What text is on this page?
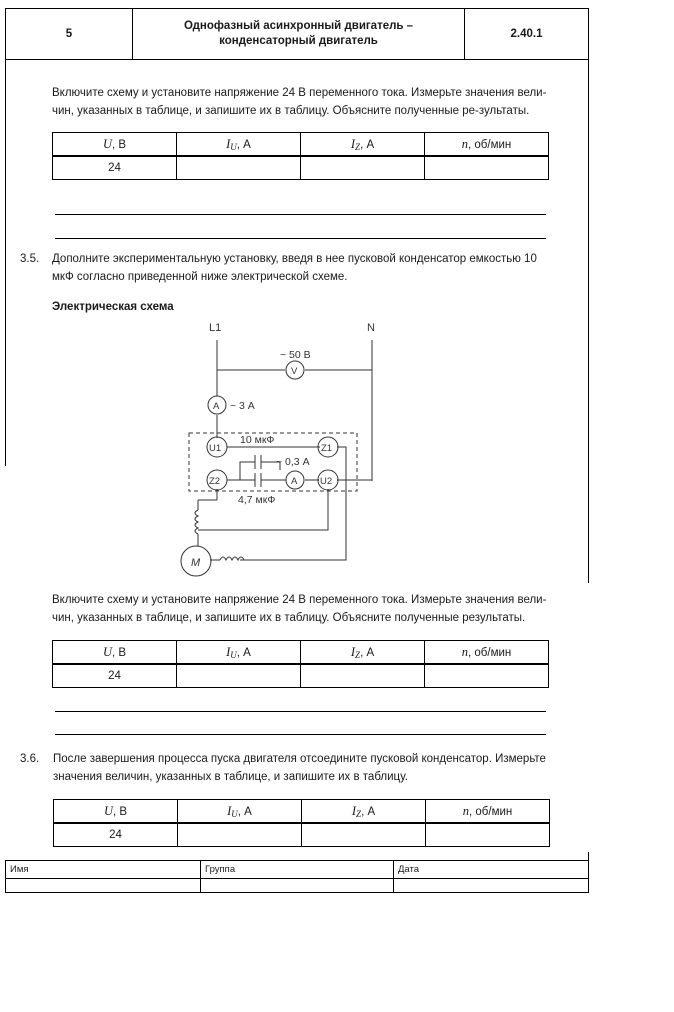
5
Однофазный асинхронный двигатель –
конденсаторный двигатель
2.40.1
Включите схему и установите напряжение 24 В переменного тока. Измерьте значения вели-
чин, указанных в таблице, и запишите их в таблицу. Объясните полученные ре-зультаты.
U, В	$I_U$, А	$I_Z$, А	n, об/мин
24			
3.5. Дополните экспериментальную установку, введя в нее пусковой конденсатор емкостью 10
мкФ согласно приведенной ниже электрической схеме.
Электрическая схема
L1	N
~ 50 В
V
A ~ 3 А
U1	Z1
Z2	U2
10 мкФ
~ 0,3 А
A
4,7 мкФ
M
Включите схему и установите напряжение 24 В переменного тока. Измерьте значения вели-
чин, указанных в таблице, и запишите их в таблицу. Объясните полученные результаты.
U, В	$I_U$, А	$I_Z$, А	n, об/мин
24			
3.6. После завершения процесса пуска двигателя отсоедините пусковой конденсатор. Измерьте
значения величин, указанных в таблице, и запишите их в таблицу.
U, В	$I_U$, А	$I_Z$, А	n, об/мин
24			
Имя	Группа	Дата
